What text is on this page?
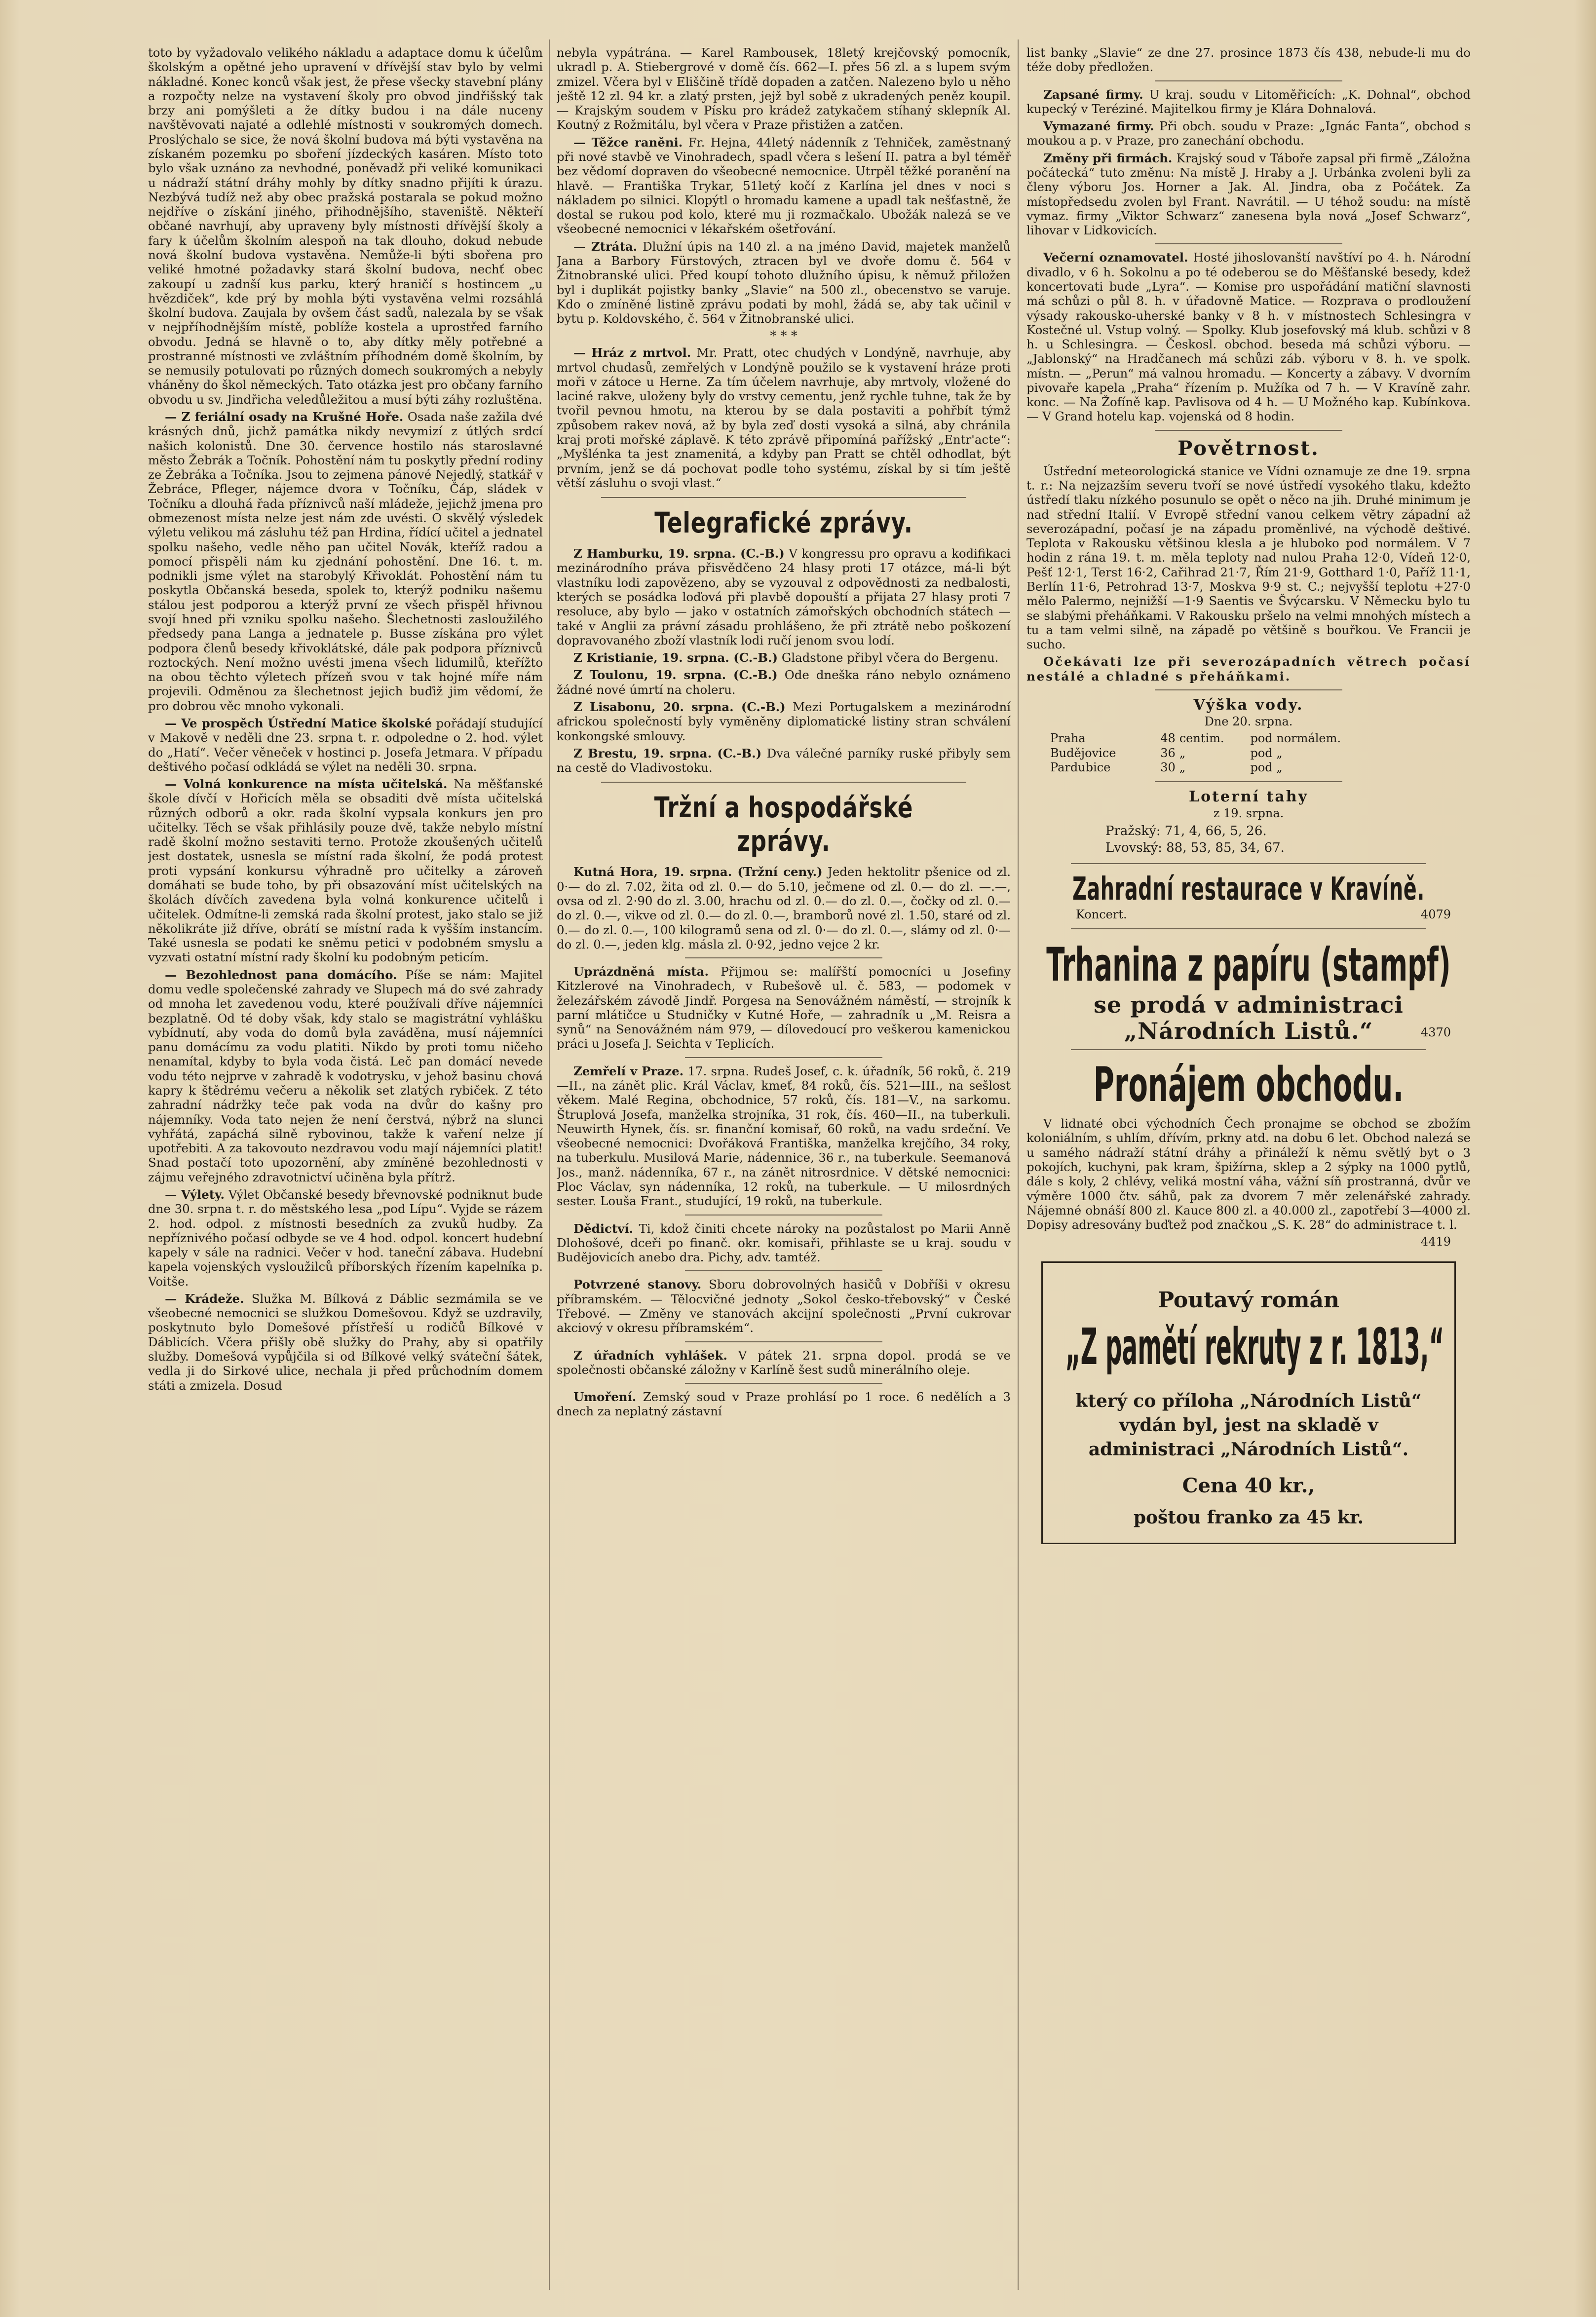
toto by vyžadovalo velikého nákladu a adaptace domu k účelům školským a opětné jeho upravení v dřívější stav bylo by velmi nákladné. Konec konců však jest, že přese všecky stavební plány a rozpočty nelze na vystavení školy pro obvod jindřišský tak brzy ani pomýšleti a že dítky budou i na dále nuceny navštěvovati najaté a odlehlé místnosti v soukromých domech. Proslýchalo se sice, že nová školní budova má býti vystavěna na získaném pozemku po sboření jízdeckých kasáren. Místo toto bylo však uznáno za nevhodné, poněvadž při veliké komunikaci u nádraží státní dráhy mohly by dítky snadno přijíti k úrazu. Nezbývá tudíž než aby obec pražská postarala se pokud možno nejdříve o získání jiného, přihodnějšího, staveniště. Někteří občané navrhují, aby upraveny byly místnosti dřívější školy a fary k účelům školním alespoň na tak dlouho, dokud nebude nová školní budova vystavěna. Nemůže-li býti sbořena pro veliké hmotné požadavky stará školní budova, nechť obec zakoupí u zadnší kus parku, který hraničí s hostincem „u hvězdiček“, kde prý by mohla býti vystavěna velmi rozsáhlá školní budova. Zaujala by ovšem část sadů, nalezala by se však v nejpříhodnějším místě, poblíže kostela a uprostřed farního obvodu. Jedná se hlavně o to, aby dítky měly potřebné a prostranné místnosti ve zvláštním příhodném domě školním, by se nemusily potulovati po různých domech soukromých a nebyly vháněny do škol německých. Tato otázka jest pro občany farního obvodu u sv. Jindřicha veledůležitou a musí býti záhy rozluštěna.

— Z feriální osady na Krušné Hoře. Osada naše zažila dvé krásných dnů, jichž památka nikdy nevymizí z útlých srdcí našich kolonistů. Dne 30. července hostilo nás staroslavné město Žebrák a Točník. Pohostění nám tu poskytly přední rodiny ze Žebráka a Točníka. Jsou to zejmena pánové Nejedlý, statkář v Žebrácе, Pfleger, nájemce dvora v Točníku, Čáp, sládek v Točníku a dlouhá řada příznivců naší mládeže, jejichž jmena pro obmezenost místa nelze jest nám zde uvésti. O skvělý výsledek výletu velikou má zásluhu též pan Hrdina, řídící učitel a jednatel spolku našeho, vedle něho pan učitel Novák, kteříž radou a pomocí přispěli nám ku zjednání pohostění. Dne 16. t. m. podnikli jsme výlet na starobylý Křivoklát. Pohostění nám tu poskytla Občanská beseda, spolek to, kterýž podniku našemu stálou jest podporou a kterýž první ze všech přispěl hřivnou svojí hned při vzniku spolku našeho. Šlechetnosti zasloužilého předsedy pana Langa a jednatele p. Busse získána pro výlet podpora členů besedy křivoklátské, dále pak podpora příznivců roztockých. Není možno uvésti jmena všech lidumilů, kteřížto na obou těchto výletech přízeň svou v tak hojné míře nám projevili. Odměnou za šlechetnost jejich buďiž jim vědomí, že pro dobrou věc mnoho vykonali.

— Ve prospěch Ústřední Matice školské pořádají studující v Makově v neděli dne 23. srpna t. r. odpoledne o 2. hod. výlet do „Hatí“. Večer věneček v hostinci p. Josefa Jetmara. V případu deštivého počasí odkládá se výlet na neděli 30. srpna.

— Volná konkurence na místa učitelská. Na měšťanské škole dívčí v Hořicích měla se obsaditi dvě místa učitelská různých odborů a okr. rada školní vypsala konkurs jen pro učitelky. Těch se však přihlásily pouze dvě, takže nebylo místní radě školní možno sestaviti terno. Protože zkoušených učitelů jest dostatek, usnesla se místní rada školní, že podá protest proti vypsání konkursu výhradně pro učitelky a zároveň domáhati se bude toho, by při obsazování míst učitelských na školách dívčích zavedena byla volná konkurence učitelů i učitelek. Odmítne-li zemská rada školní protest, jako stalo se již několikráte již dříve, obrátí se místní rada k vyšším instancím. Také usnesla se podati ke sněmu petici v podobném smyslu a vyzvati ostatní místní rady školní ku podobným peticím.

— Bezohlednost pana domácího. Píše se nám: Majitel domu vedle společenské zahrady ve Slupech má do své zahrady od mnoha let zavedenou vodu, které používali dříve nájemníci bezplatně. Od té doby však, kdy stalo se magistrátní vyhlášku vybídnutí, aby voda do domů byla zaváděna, musí nájemníci panu domácímu za vodu platiti. Nikdo by proti tomu ničeho nenamítal, kdyby to byla voda čistá. Leč pan domácí nevede vodu této nejprve v zahradě k vodotrysku, v jehož basinu chová kapry k štědrému večeru a několik set zlatých rybiček. Z této zahradní nádržky teče pak voda na dvůr do kašny pro nájemníky. Voda tato nejen že není čerstvá, nýbrž na slunci vyhřátá, zapáchá silně rybovinou, takže k vaření nelze jí upotřebiti. A za takovouto nezdravou vodu mají nájemníci platit! Snad postačí toto upozornění, aby zmíněné bezohlednosti v zájmu veřejného zdravotnictví učiněna byla přítrž.

— Výlety. Výlet Občanské besedy břevnovské podniknut bude dne 30. srpna t. r. do městského lesa „pod Lípu“. Vyjde se rázem 2. hod. odpol. z místnosti besedních za zvuků hudby. Za nepříznivého počasí odbyde se ve 4 hod. odpol. koncert hudební kapely v sále na radnici. Večer v hod. taneční zábava. Hudební kapela vojenských vysloužilců příborských řízením kapelníka p. Voitše.

— Krádeže. Služka M. Bílková z Dáblic sezmámila se ve všeobecné nemocnici se služkou Domešovou. Když se uzdravily, poskytnuto bylo Domešové přístřeší u rodičů Bílkové v Dáblicích. Včera přišly obě služky do Prahy, aby si opatřily služby. Domešová vypůjčila si od Bílkové velký sváteční šátek, vedla ji do Sirkové ulice, nechala ji před průchodním domem státi a zmizela. Dosud

nebyla vypátrána. — Karel Rambousek, 18letý krejčovský pomocník, ukradl p. A. Stiebergrové v domě čís. 662—I. přes 56 zl. a s lupem svým zmizel. Včera byl v Eliščině třídě dopaden a zatčen. Nalezeno bylo u něho ještě 12 zl. 94 kr. a zlatý prsten, jejž byl sobě z ukradených peněz koupil. — Krajským soudem v Písku pro krádež zatykačem stíhaný sklepník Al. Koutný z Rožmitálu, byl včera v Praze přistižen a zatčen.

— Těžce raněni. Fr. Hejna, 44letý nádenník z Tehniček, zaměstnaný při nové stavbě ve Vinohradech, spadl včera s lešení II. patra a byl téměř bez vědomí dopraven do všeobecné nemocnice. Utrpěl těžké poranění na hlavě. — Františka Trykar, 51letý kočí z Karlína jel dnes v noci s nákladem po silnici. Klopýtl o hromadu kamene a upadl tak nešťastně, že dostal se rukou pod kolo, které mu ji rozmačkalo. Ubožák nalezá se ve všeobecné nemocnici v lékařském ošetřování.

— Ztráta. Dlužní úpis na 140 zl. a na jméno David, majetek manželů Jana a Barbory Fürstových, ztracen byl ve dvoře domu č. 564 v Žitnobranské ulici. Před koupí tohoto dlužního úpisu, k němuž přiložen byl i duplikát pojistky banky „Slavie“ na 500 zl., obecenstvo se varuje. Kdo o zmíněné listině zprávu podati by mohl, žádá se, aby tak učinil v bytu p. Koldovského, č. 564 v Žitnobranské ulici.

* * *

— Hráz z mrtvol. Mr. Pratt, otec chudých v Londýně, navrhuje, aby mrtvol chudasů, zemřelých v Londýně použilo se k vystavení hráze proti moři v zátoce u Herne. Za tím účelem navrhuje, aby mrtvoly, vložené do laciné rakve, uloženy byly do vrstvy cementu, jenž rychle tuhne, tak že by tvořil pevnou hmotu, na kterou by se dala postaviti a pohřbít týmž způsobem rakev nová, až by byla zeď dosti vysoká a silná, aby chránila kraj proti mořské záplavě. K této zprávě připomíná pařížský „Entr'acte“: „Myšlénka ta jest znamenitá, a kdyby pan Pratt se chtěl odhodlat, být prvním, jenž se dá pochovat podle toho systému, získal by si tím ještě větší zásluhu o svoji vlast.“

Telegrafické zprávy.

Z Hamburku, 19. srpna. (C.-B.) V kongressu pro opravu a kodifikaci mezinárodního práva přisvědčeno 24 hlasy proti 17 otázce, má-li být vlastníku lodi zapovězeno, aby se vyzouval z odpovědnosti za nedbalosti, kterých se posádka loďová při plavbě dopouští a přijata 27 hlasy proti 7 resoluce, aby bylo — jako v ostatních zámořských obchodních státech — také v Anglii za právní zásadu prohlášeno, že při ztrátě nebo poškození dopravovaného zboží vlastník lodi ručí jenom svou lodí.

Z Kristianie, 19. srpna. (C.-B.) Gladstone přibyl včera do Bergenu.

Z Toulonu, 19. srpna. (C.-B.) Ode dneška ráno nebylo oznámeno žádné nové úmrtí na choleru.

Z Lisabonu, 20. srpna. (C.-B.) Mezi Portugalskem a mezinárodní africkou společností byly vyměněny diplomatické listiny stran schválení konkongské smlouvy.

Z Brestu, 19. srpna. (C.-B.) Dva válečné parníky ruské přibyly sem na cestě do Vladivostoku.

Tržní a hospodářské zprávy.

Kutná Hora, 19. srpna. (Tržní ceny.) Jeden hektolitr pšenice od zl. 0·— do zl. 7.02, žita od zl. 0.— do 5.10, ječmene od zl. 0.— do zl. —.—, ovsa od zl. 2·90 do zl. 3.00, hrachu od zl. 0.— do zl. 0.—, čočky od zl. 0.— do zl. 0.—, vikve od zl. 0.— do zl. 0.—, bramborů nové zl. 1.50, staré od zl. 0.— do zl. 0.—, 100 kilogramů sena od zl. 0·— do zl. 0.—, slámy od zl. 0·— do zl. 0.—, jeden klg. másla zl. 0·92, jedno vejce 2 kr.

Uprázdněná místa. Přijmou se: malířští pomocníci u Josefiny Kitzlerové na Vinohradech, v Rubešově ul. č. 583, — podomek v železářském závodě Jindř. Porgesa na Senovážném náměstí, — strojník k parní mlátičce u Studničky v Kutné Hoře, — zahradník u „M. Reisra a synů“ na Senovážném nám 979, — dílovedoucí pro veškerou kamenickou práci u Josefa J. Seichta v Teplicích.

Zemřelí v Praze. 17. srpna. Rudeš Josef, c. k. úřadník, 56 roků, č. 219—II., na zánět plic. Král Václav, kmeť, 84 roků, čís. 521—III., na sešlost věkem. Malé Regina, obchodnice, 57 roků, čís. 181—V., na sarkomu. Štruplová Josefa, manželka strojníka, 31 rok, čís. 460—II., na tuberkuli. Neuwirth Hynek, čís. sr. finanční komisař, 60 roků, na vadu srdeční. Ve všeobecné nemocnici: Dvořáková Františka, manželka krejčího, 34 roky, na tuberkulu. Musilová Marie, nádennice, 36 r., na tuberkule. Seemanová Jos., manž. nádenníka, 67 r., na zánět nitrosrdnice. V dětské nemocnici: Ploc Václav, syn nádenníka, 12 roků, na tuberkule. — U milosrdných sester. Louša Frant., studující, 19 roků, na tuberkule.

Dědictví. Ti, kdož činiti chcete nároky na pozůstalost po Marii Anně Dlohošové, dceři po finanč. okr. komisaři, přihlaste se u kraj. soudu v Budějovicích anebo dra. Pichy, adv. tamtéž.

Potvrzené stanovy. Sboru dobrovolných hasičů v Dobříši v okresu příbramském. — Tělocvičné jednoty „Sokol česko-třebovský“ v České Třebové. — Změny ve stanovách akcijní společnosti „První cukrovar akciový v okresu příbramském“.

Z úřadních vyhlášek. V pátek 21. srpna dopol. prodá se ve společnosti občanské záložny v Karlíně šest sudů minerálního oleje.

Umoření. Zemský soud v Praze prohlásí po 1 roce. 6 nedělích a 3 dnech za neplatný zástavní

list banky „Slavie“ ze dne 27. prosince 1873 čís 438, nebude-li mu do téže doby předložen.

Zapsané firmy. U kraj. soudu v Litoměřicích: „K. Dohnal“, obchod kupecký v Teréziné. Majitelkou firmy je Klára Dohnalová.

Vymazané firmy. Při obch. soudu v Praze: „Ignác Fanta“, obchod s moukou a p. v Praze, pro zanechání obchodu.

Změny při firmách. Krajský soud v Táboře zapsal při firmě „Záložna počátecká“ tuto změnu: Na místě J. Hraby a J. Urbánka zvoleni byli za členy výboru Jos. Horner a Jak. Al. Jindra, oba z Počátek. Za místopředsedu zvolen byl Frant. Navrátil. — U téhož soudu: na místě vymaz. firmy „Viktor Schwarz“ zanesena byla nová „Josef Schwarz“, lihovar v Lidkovicích.

Večerní oznamovatel. Hosté jihoslovanští navštíví po 4. h. Národní divadlo, v 6 h. Sokolnu a po té odeberou se do Měšťanské besedy, kdež koncertovati bude „Lyra“. — Komise pro uspořádání matiční slavnosti má schůzi o půl 8. h. v úřadovně Matice. — Rozprava o prodloužení výsady rakousko-uherské banky v 8 h. v místnostech Schlesingra v Kostečné ul. Vstup volný. — Spolky. Klub josefovský má klub. schůzi v 8 h. u Schlesingra. — Českosl. obchod. beseda má schůzi výboru. — „Jablonský“ na Hradčanech má schůzi záb. výboru v 8. h. ve spolk. místn. — „Perun“ má valnou hromadu. — Koncerty a zábavy. V dvorním pivovaře kapela „Praha“ řízením p. Mužíka od 7 h. — V Kravíně zahr. konc. — Na Žofíně kap. Pavlisova od 4 h. — U Možného kap. Kubínkova. — V Grand hotelu kap. vojenská od 8 hodin.

Povětrnost.

Ústřední meteorologická stanice ve Vídni oznamuje ze dne 19. srpna t. r.: Na nejzazším severu tvoří se nové ústředí vysokého tlaku, kdežto ústředí tlaku nízkého posunulo se opět o něco na jih. Druhé minimum je nad střední Italií. V Evropě střední vanou celkem větry západní až severozápadní, počasí je na západu proměnlivé, na východě deštivé. Teplota v Rakousku většinou klesla a je hluboko pod normálem. V 7 hodin z rána 19. t. m. měla teploty nad nulou Praha 12·0, Vídeň 12·0, Pešť 12·1, Terst 16·2, Cařihrad 21·7, Řím 21·9, Gotthard 1·0, Paříž 11·1, Berlín 11·6, Petrohrad 13·7, Moskva 9·9 st. C.; nejvyšší teplotu +27·0 mělo Palermo, nejnižší —1·9 Saentis ve Švýcarsku. V Německu bylo tu se slabými přeháňkami. V Rakousku pršelo na velmi mnohých místech a tu a tam velmi silně, na západě po většině s bouřkou. Ve Francii je sucho.

Očekávati lze při severozápadních větrech počasí nestálé a chladné s přeháňkami.

Výška vody.
Dne 20. srpna.
Praha	48	centim.	pod normálem.
Budějovice	36	„	pod „
Pardubice	30	„	pod „
Loterní tahy
z 19. srpna.
Pražský: 71, 4, 66, 5, 26.
Lvovský: 88, 53, 85, 34, 67.
Zahradní restaurace v Kravíně.
Koncert.	4079
Trhanina z papíru (stampf)
se prodá v administraci „Národních Listů.“	4370
Pronájem obchodu.

V lidnaté obci východních Čech pronajme se obchod se zbožím koloniálním, s uhlím, dřívím, prkny atd. na dobu 6 let. Obchod nalezá se u samého nádraží státní dráhy a přináleží k němu světlý byt o 3 pokojích, kuchyni, pak kram, špižírna, sklep a 2 sýpky na 1000 pytlů, dále s koly, 2 chlévy, veliká mostní váha, vážní síň prostranná, dvůr ve výměre 1000 čtv. sáhů, pak za dvorem 7 měr zelenářské zahrady. Nájemné obnáší 800 zl. Kauce 800 zl. a 40.000 zl., zapotřebí 3—4000 zl. Dopisy adresovány buďtež pod značkou „S. K. 28“ do administrace t. l.

4419
Poutavý román
„Z pamětí rekruty z r. 1813,“
který co příloha „Národních Listů“ vydán byl, jest na skladě v administraci „Národních Listů“.
Cena 40 kr.,
poštou franko za 45 kr.
